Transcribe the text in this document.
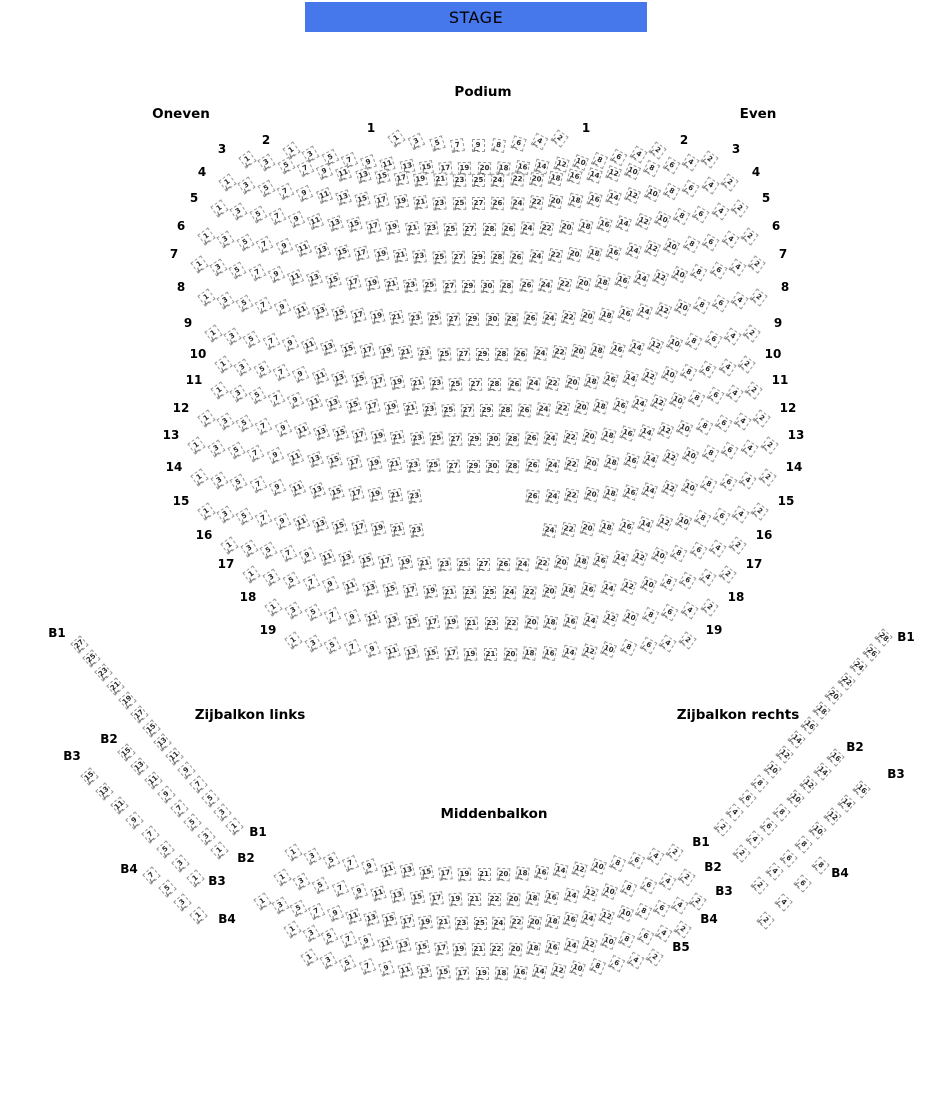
STAGE
Podium
Oneven	Even
Zijbalkon links	Zijbalkon rechts
Middenbalkon
1	3	5	7	9	8	6	4	2
1	1
1	3	5	7	9	11	13	15 17 19 20 18 16	14	12	10	8	6	4	2
2	2
1	3	5	7	9	11	13	15	17	19 21 23 25 24 22 20	18	16	14	12	10	8	6	4	2
3	3
1	3	5	7	9	11	13	15	17	19	21 23 25 27 26 24 22	20	18	16	14	12	10	8	6	4	2
4	4
1	3	5	7	9	11	13	15	17	19	21 23 25 27 28 26 24 22	20	18	16	14	12	10	8	6	4	2
5	5
1	3	5	7	9	11	13	15	17	19	21	23 25 27 29 28 26 24	22	20	18	16	14	12	10	8	6	4	2
6	6
1	3	5	7	9	11	13	15	17	19	21	23 25 27 29 30 28 26 24	22	20	18	16	14	12	10	8	6	4	2
7	7
1	3	5	7	9	11 13	15	17	19	21	23 25 27 29 30 28 26 24	22	20	18	16	14 12 10	8	6	4	2
8	8
1	3	5	7	9	11	13	15	17	19	21	23 25 27 29 28 26 24	22	20	18	16	14	12	10	8	6	4	2
9	9
1	3	5	7	9	11	13	15	17	19	21 23 25 27 28 26 24 22	20	18	16	14	12	10	8	6	4	2
10	10
1	3	5	7	9	11	13	15	17	19	21	23 25 27 29 28 26 24	22	20	18	16	14	12 10	8	6	4	2
11	11
1	3	5	7	9	11	13	15	17	19	21	23 25 27 29 30 28 26 24	22	20	18	16	14	12 10	8	6	4	2
12	12
1	3	5	7	9	11	13	15	17	19	21	23 25 27 29 30 28 26 24	22	20	18	16	14	12	10	8	6	4	2
13	13
1	3	5	7	9	11	13	15	17	19	21	23	26 24	22	20	18	16	14	12	10	8	6	4	2
14	14
1	3	5	7	9	11	13	15	17	19	21	23	24	22	20	18	16	14	12 10	8	6	4	2
15	15
1	3	5	7	9	11	13	15	17	19	21 23 25 27 26 24 22	20	18	16	14	12	10	8	6	4	2
16	16
1	3	5	7	9	11	13	15	17	19 21 23 25 24 22 20	18	16	14	12	10	8	6	4	2
17	17
1	3	5	7	9	11	13	15	17	19 21 23 22 20	18	16	14	12	10	8	6	4	2
18	18
1	3	5	7	9	11	13	15	17 19 21 20 18	16	14	12	10	8	6	4	2
19	19
1	3	5	7	9	11	13	15	17 19 21 20 18	16	14	12	10	8	6	4	2
B1
1	3	5	7	9	11	13	15	17 19 21 22 20 18	16	14	12	10	8	6	4	2
B2
1	3	5	7	9	11 13 15 17	19 21 23 25 24 22 20	18 16 14 12 10	8	6	4	2
B3
1	3	5	7	9	11	13	15	17 19 21 22 20 18	16	14	12 10	8	6	4	2
B4
1	3	5	7	9	11	13	15 17 19 18 16	14	12	10	8	6	4	2
B5
27
25
23
21
19
17
15
13
11
9
7
5
3
1
B1
B1
15
13
11
9
7
5
3
1
B2
B2
15
13
11
9
7
5
3
1
B3
B3
7
5
3
1
B4
B4
28
26
24
22
20
18
16
14
12
10
8
6
4
2
B1
16
14
12
10
8
6
4
2
B2
16
14
12
10
8
6
4
2
B3
8
6
4
2
B4
